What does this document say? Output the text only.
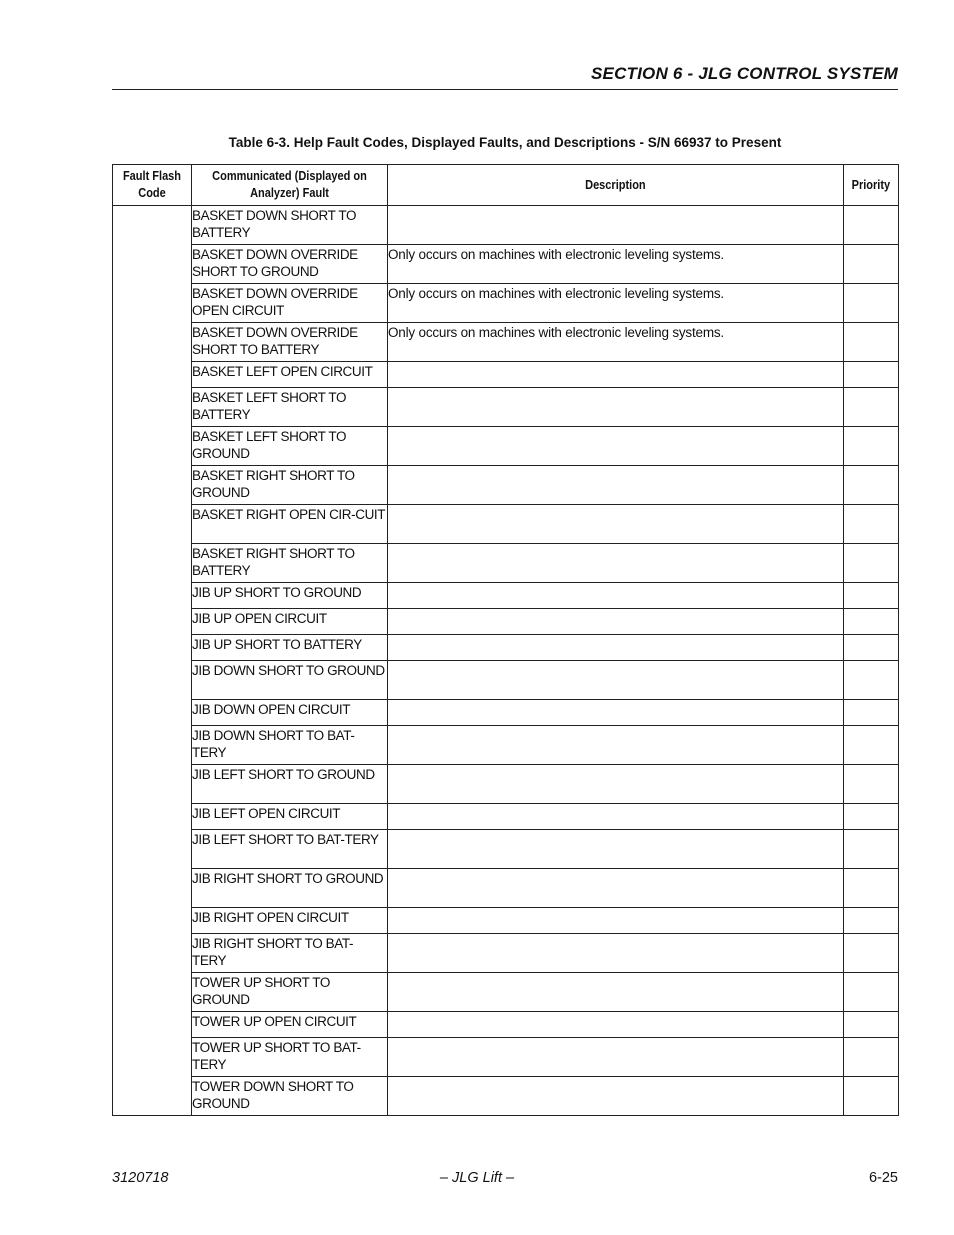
SECTION 6 - JLG CONTROL SYSTEM
Table 6-3. Help Fault Codes, Displayed Faults, and Descriptions - S/N 66937 to Present
Fault Flash Code	Communicated (Displayed on Analyzer) Fault	Description	Priority

	BASKET DOWN SHORT TO BATTERY		

	BASKET DOWN OVERRIDE SHORT TO GROUND	Only occurs on machines with electronic leveling systems.	

	BASKET DOWN OVERRIDE OPEN CIRCUIT	Only occurs on machines with electronic leveling systems.	

	BASKET DOWN OVERRIDE SHORT TO BATTERY	Only occurs on machines with electronic leveling systems.	

	BASKET LEFT OPEN CIRCUIT		

	BASKET LEFT SHORT TO BATTERY		

	BASKET LEFT SHORT TO GROUND		

	BASKET RIGHT SHORT TO GROUND		

	BASKET RIGHT OPEN CIR-CUIT		

	BASKET RIGHT SHORT TO BATTERY		

	JIB UP SHORT TO GROUND		

	JIB UP OPEN CIRCUIT		

	JIB UP SHORT TO BATTERY		

	JIB DOWN SHORT TO GROUND		

	JIB DOWN OPEN CIRCUIT		

	JIB DOWN SHORT TO BAT-TERY		

	JIB LEFT SHORT TO GROUND		

	JIB LEFT OPEN CIRCUIT		

	JIB LEFT SHORT TO BAT-TERY		

	JIB RIGHT SHORT TO GROUND		

	JIB RIGHT OPEN CIRCUIT		

	JIB RIGHT SHORT TO BAT-TERY		

	TOWER UP SHORT TO GROUND		

	TOWER UP OPEN CIRCUIT		

	TOWER UP SHORT TO BAT-TERY		

	TOWER DOWN SHORT TO GROUND		

3120718	– JLG Lift –	6-25
